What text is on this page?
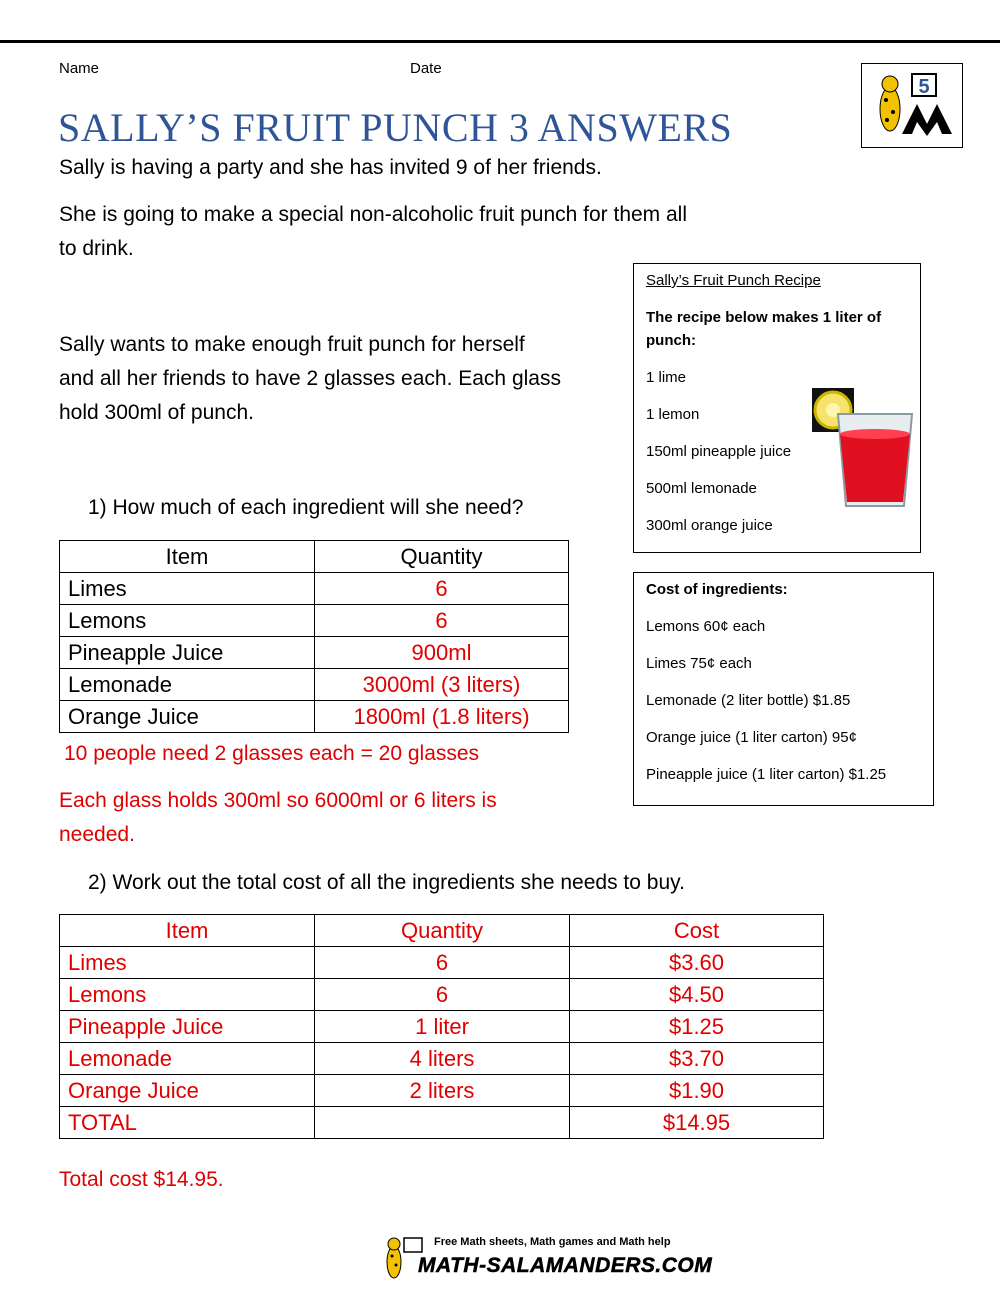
Name	Date
5
SALLY’S FRUIT PUNCH 3 ANSWERS
Sally is having a party and she has invited 9 of her friends.
She is going to make a special non-alcoholic fruit punch for them all
to drink.
Sally wants to make enough fruit punch for herself
and all her friends to have 2 glasses each. Each glass
hold 300ml of punch.
Sally’s Fruit Punch Recipe
The recipe below makes 1 liter of
punch:
1 lime
1 lemon
150ml pineapple juice
500ml lemonade
300ml orange juice
Cost of ingredients:
Lemons 60¢ each
Limes 75¢ each
Lemonade (2 liter bottle) $1.85
Orange juice (1 liter carton) 95¢
Pineapple juice (1 liter carton) $1.25
1) How much of each ingredient will she need?
Item	Quantity
Limes	6
Lemons	6
Pineapple Juice	900ml
Lemonade	3000ml (3 liters)
Orange Juice	1800ml (1.8 liters)
10 people need 2 glasses each = 20 glasses
Each glass holds 300ml so 6000ml or 6 liters is
needed.
2) Work out the total cost of all the ingredients she needs to buy.
Item	Quantity	Cost
Limes	6	$3.60
Lemons	6	$4.50
Pineapple Juice	1 liter	$1.25
Lemonade	4 liters	$3.70
Orange Juice	2 liters	$1.90
TOTAL		$14.95
Total cost $14.95.
Free Math sheets, Math games and Math help
MATH-SALAMANDERS.COM
